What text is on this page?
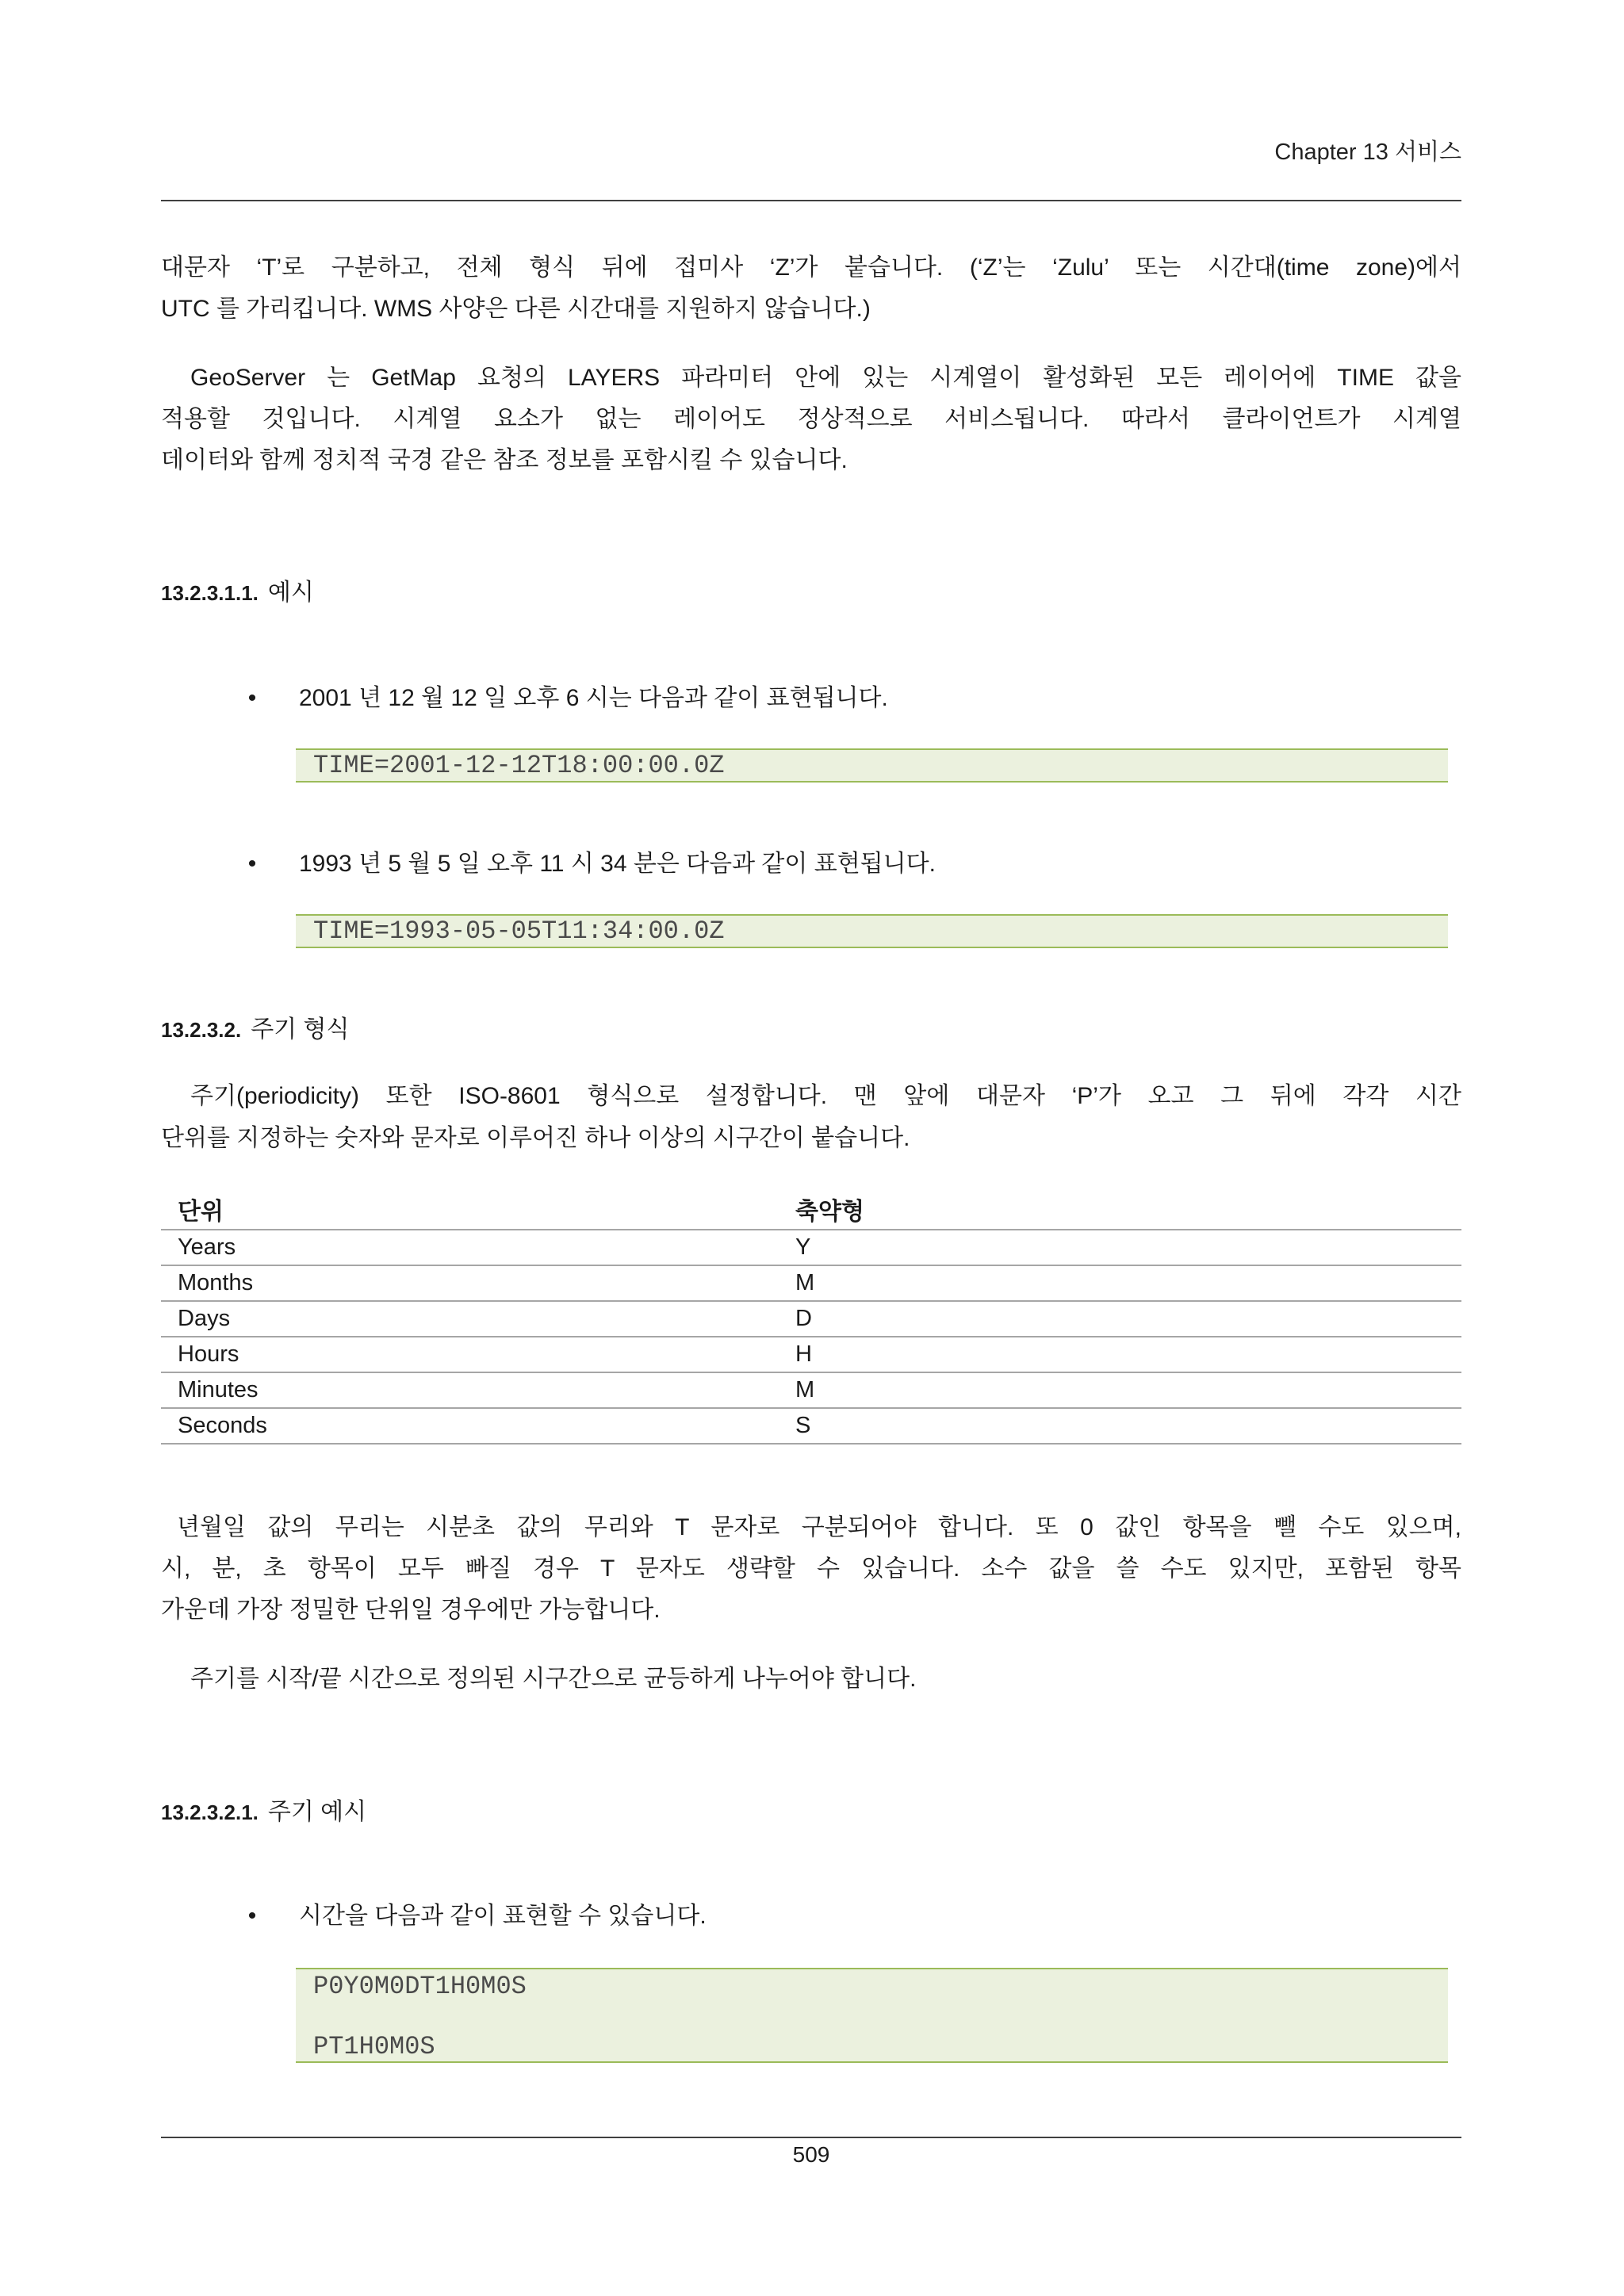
Chapter 13 서비스
대문자 ‘T’로 구분하고, 전체 형식 뒤에 접미사 ‘Z’가 붙습니다. (‘Z’는 ‘Zulu’ 또는 시간대(time zone)에서
UTC 를 가리킵니다. WMS 사양은 다른 시간대를 지원하지 않습니다.)
GeoServer 는 GetMap 요청의 LAYERS 파라미터 안에 있는 시계열이 활성화된 모든 레이어에 TIME 값을
적용할 것입니다. 시계열 요소가 없는 레이어도 정상적으로 서비스됩니다. 따라서 클라이언트가 시계열
데이터와 함께 정치적 국경 같은 참조 정보를 포함시킬 수 있습니다.
13.2.3.1.1. 예시
•	2001 년 12 월 12 일 오후 6 시는 다음과 같이 표현됩니다.
TIME=2001-12-12T18:00:00.0Z
•	1993 년 5 월 5 일 오후 11 시 34 분은 다음과 같이 표현됩니다.
TIME=1993-05-05T11:34:00.0Z
13.2.3.2. 주기 형식
주기(periodicity) 또한 ISO-8601 형식으로 설정합니다. 맨 앞에 대문자 ‘P’가 오고 그 뒤에 각각 시간
단위를 지정하는 숫자와 문자로 이루어진 하나 이상의 시구간이 붙습니다.
단위	축약형
Years	Y
Months	M
Days	D
Hours	H
Minutes	M
Seconds	S
년월일 값의 무리는 시분초 값의 무리와 T 문자로 구분되어야 합니다. 또 0 값인 항목을 뺄 수도 있으며,
시, 분, 초 항목이 모두 빠질 경우 T 문자도 생략할 수 있습니다. 소수 값을 쓸 수도 있지만, 포함된 항목
가운데 가장 정밀한 단위일 경우에만 가능합니다.
주기를 시작/끝 시간으로 정의된 시구간으로 균등하게 나누어야 합니다.
13.2.3.2.1. 주기 예시
•	시간을 다음과 같이 표현할 수 있습니다.
P0Y0M0DT1H0M0S
PT1H0M0S
509
